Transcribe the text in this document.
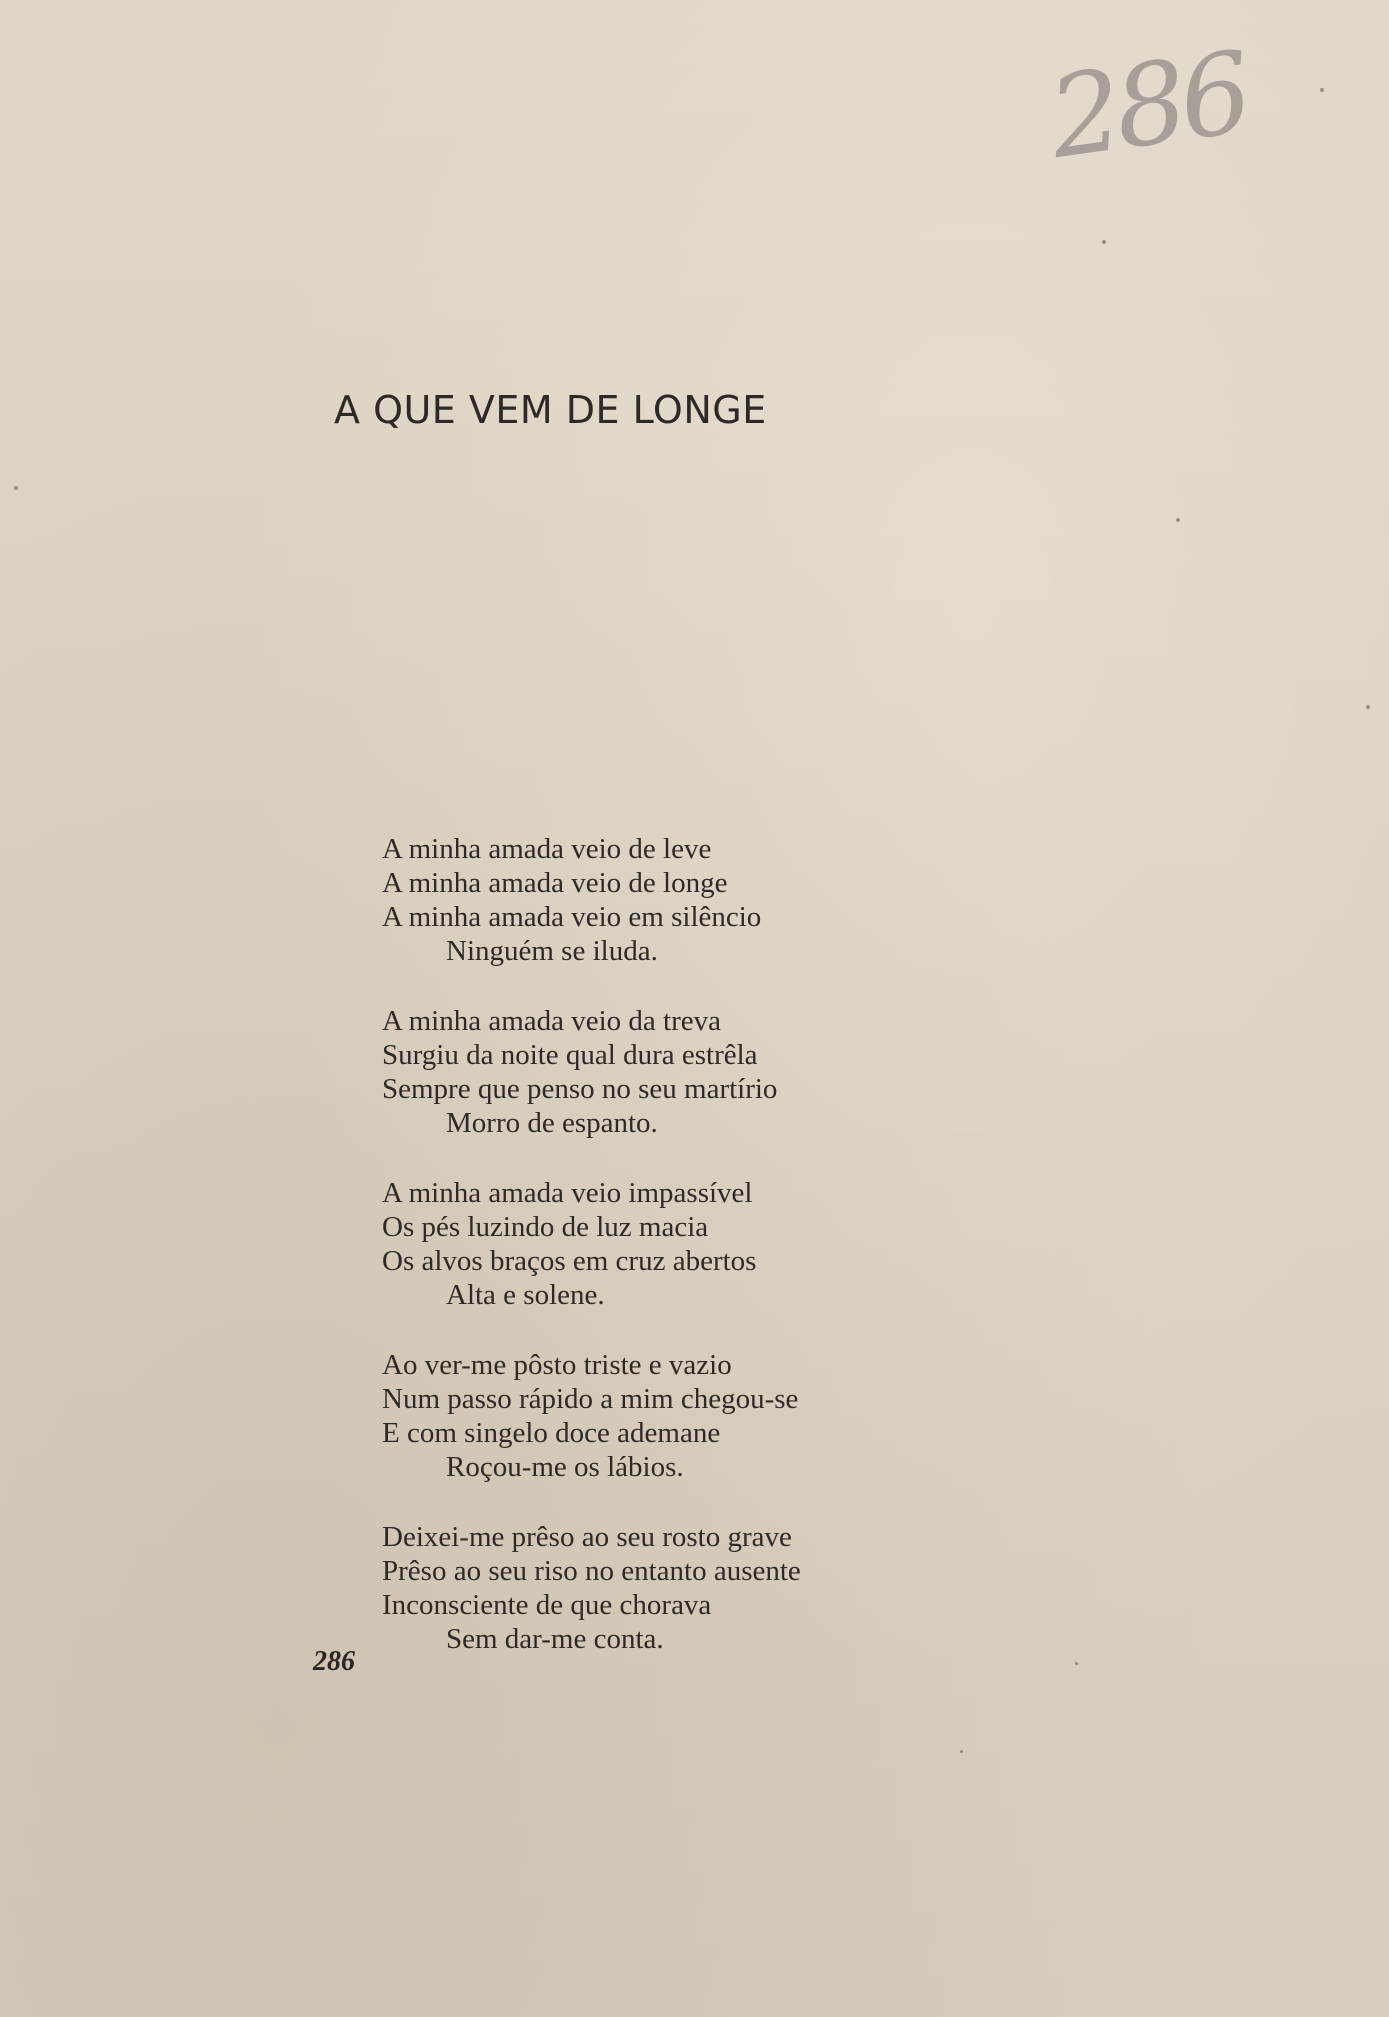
286
A QUE VEM DE LONGE
A minha amada veio de leve
A minha amada veio de longe
A minha amada veio em silêncio
Ninguém se iluda.
A minha amada veio da treva
Surgiu da noite qual dura estrêla
Sempre que penso no seu martírio
Morro de espanto.
A minha amada veio impassível
Os pés luzindo de luz macia
Os alvos braços em cruz abertos
Alta e solene.
Ao ver-me pôsto triste e vazio
Num passo rápido a mim chegou-se
E com singelo doce ademane
Roçou-me os lábios.
Deixei-me prêso ao seu rosto grave
Prêso ao seu riso no entanto ausente
Inconsciente de que chorava
Sem dar-me conta.
286
